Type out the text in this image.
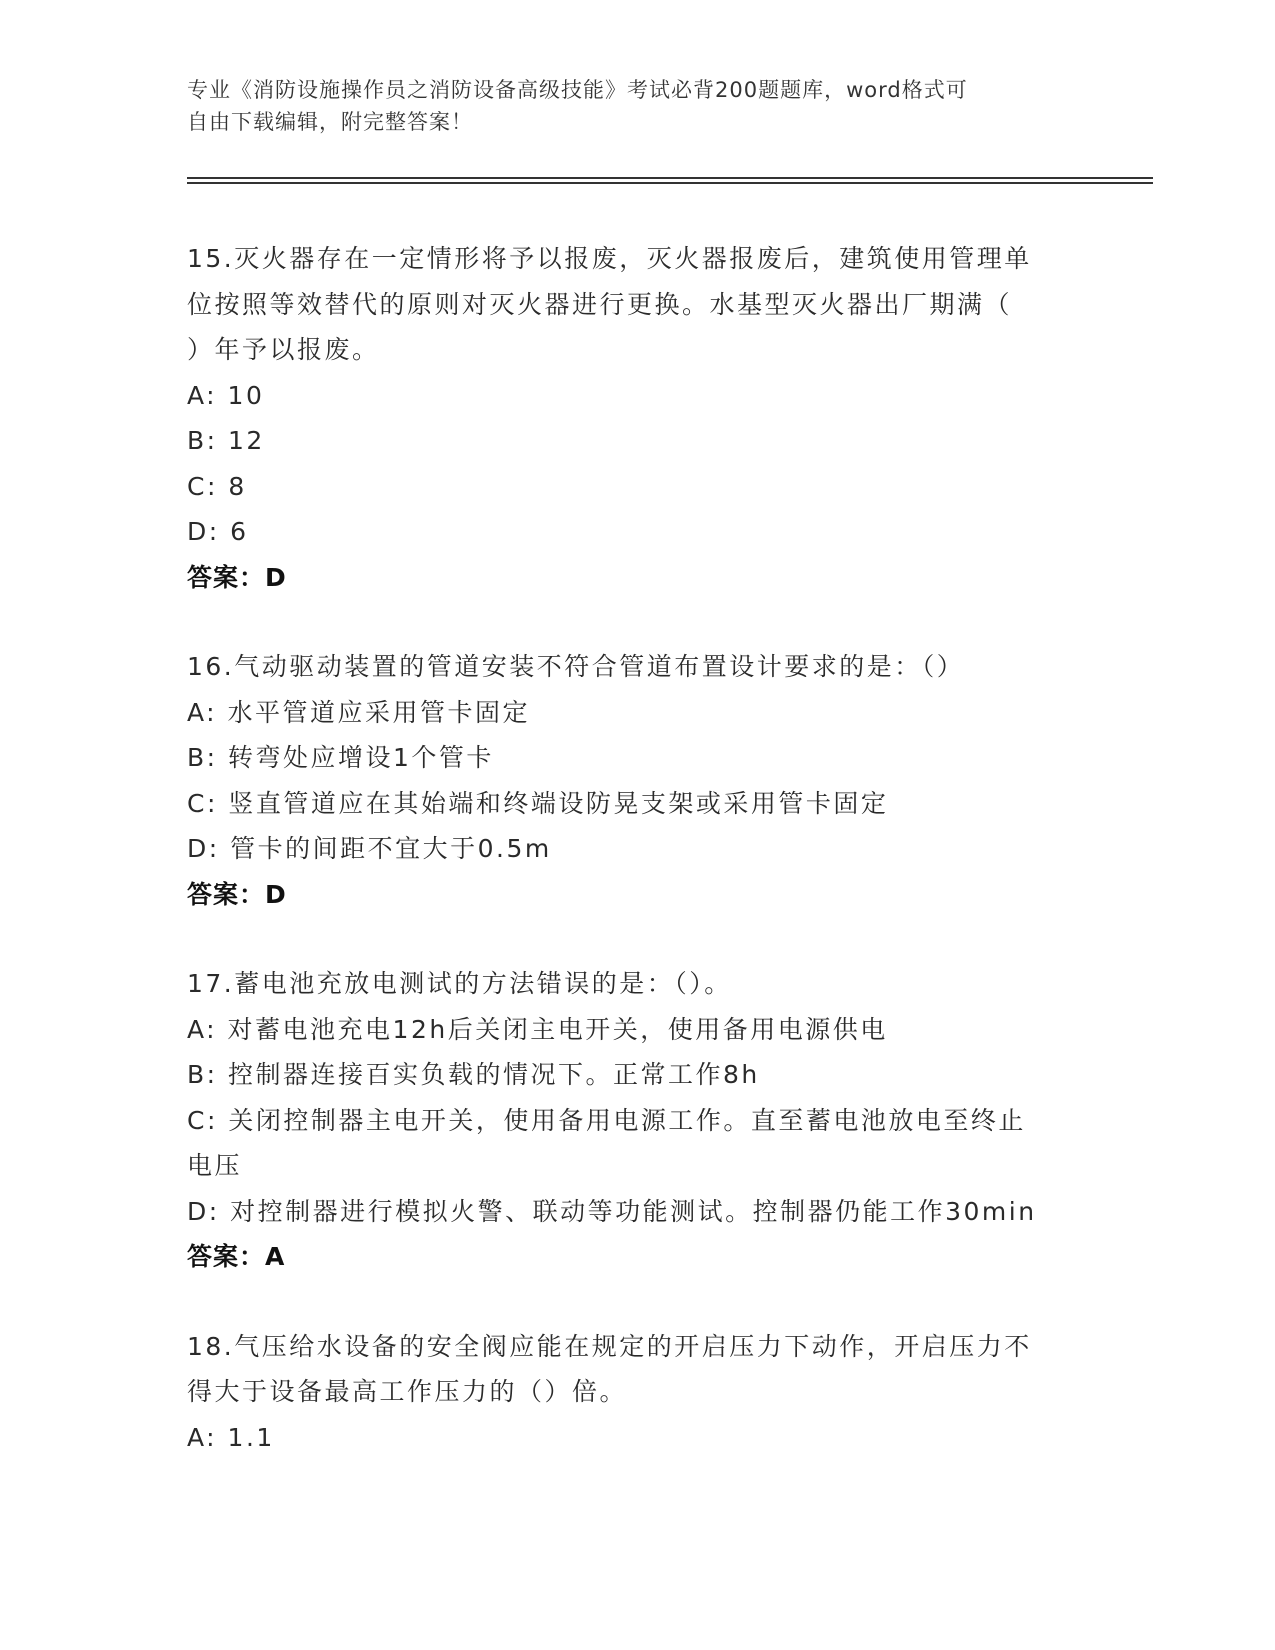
专业《消防设施操作员之消防设备高级技能》考试必背200题题库，word格式可
自由下载编辑，附完整答案！

15.灭火器存在一定情形将予以报废，灭火器报废后，建筑使用管理单

位按照等效替代的原则对灭火器进行更换。水基型灭火器出厂期满（

）年予以报废。

A: 10

B: 12

C: 8

D: 6

答案：D

16.气动驱动装置的管道安装不符合管道布置设计要求的是：（）

A: 水平管道应采用管卡固定

B: 转弯处应增设1个管卡

C: 竖直管道应在其始端和终端设防晃支架或采用管卡固定

D: 管卡的间距不宜大于0.5m

答案：D

17.蓄电池充放电测试的方法错误的是：（）。

A: 对蓄电池充电12h后关闭主电开关，使用备用电源供电

B: 控制器连接百实负载的情况下。正常工作8h

C: 关闭控制器主电开关，使用备用电源工作。直至蓄电池放电至终止

电压

D: 对控制器进行模拟火警、联动等功能测试。控制器仍能工作30min

答案：A

18.气压给水设备的安全阀应能在规定的开启压力下动作，开启压力不

得大于设备最高工作压力的（）倍。

A: 1.1
